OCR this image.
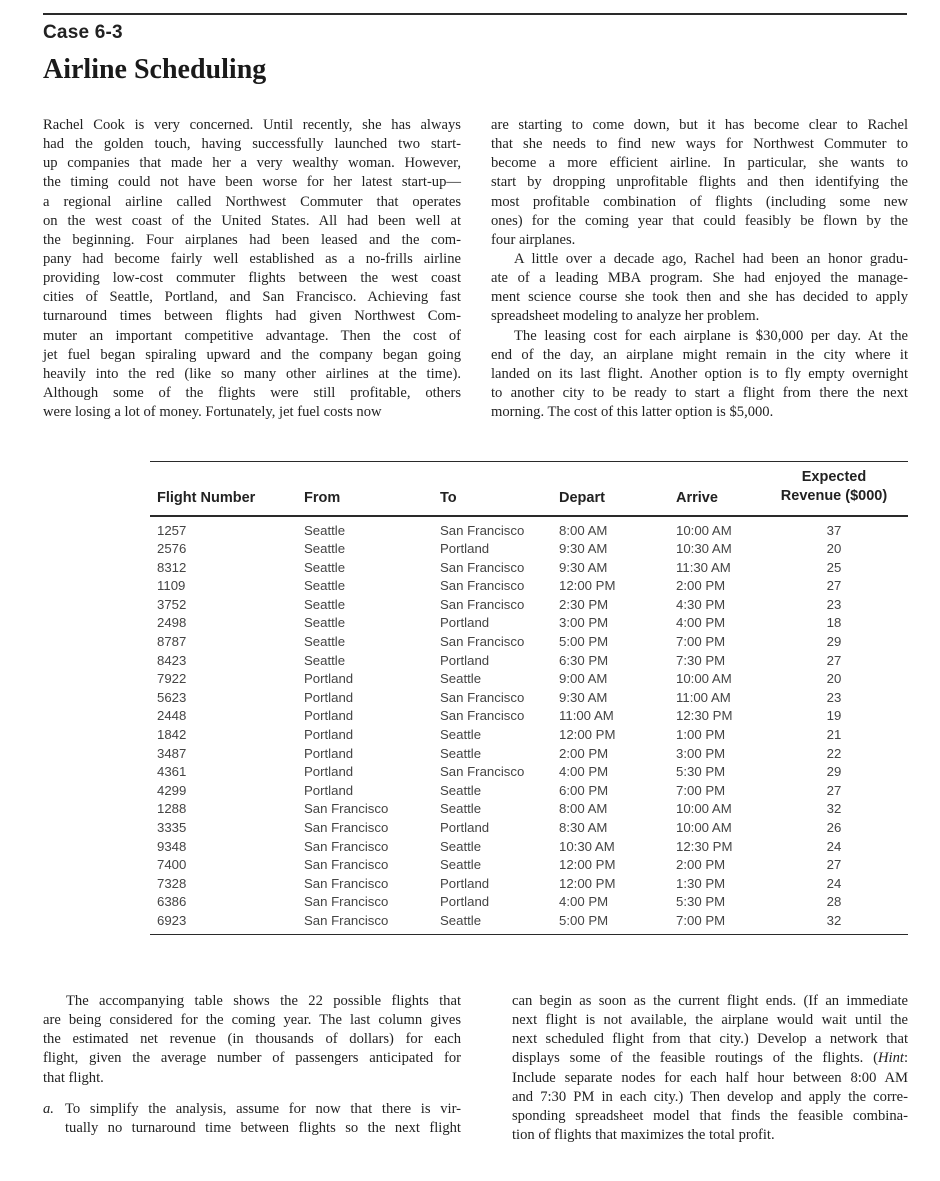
Case 6-3
Airline Scheduling
Rachel Cook is very concerned. Until recently, she has always
had the golden touch, having successfully launched two start-
up companies that made her a very wealthy woman. However,
the timing could not have been worse for her latest start-up—
a regional airline called Northwest Commuter that operates
on the west coast of the United States. All had been well at
the beginning. Four airplanes had been leased and the com-
pany had become fairly well established as a no-frills airline
providing low-cost commuter flights between the west coast
cities of Seattle, Portland, and San Francisco. Achieving fast
turnaround times between flights had given Northwest Com-
muter an important competitive advantage. Then the cost of
jet fuel began spiraling upward and the company began going
heavily into the red (like so many other airlines at the time).
Although some of the flights were still profitable, others
were losing a lot of money. Fortunately, jet fuel costs now
are starting to come down, but it has become clear to Rachel
that she needs to find new ways for Northwest Commuter to
become a more efficient airline. In particular, she wants to
start by dropping unprofitable flights and then identifying the
most profitable combination of flights (including some new
ones) for the coming year that could feasibly be flown by the
four airplanes.
A little over a decade ago, Rachel had been an honor gradu-
ate of a leading MBA program. She had enjoyed the manage-
ment science course she took then and she has decided to apply
spreadsheet modeling to analyze her problem.
The leasing cost for each airplane is $30,000 per day. At the
end of the day, an airplane might remain in the city where it
landed on its last flight. Another option is to fly empty overnight
to another city to be ready to start a flight from there the next
morning. The cost of this latter option is $5,000.
Flight Number	From	To	Depart	Arrive
Expected
Revenue ($000)
1257	Seattle	San Francisco	8:00 AM	10:00 AM	37
2576	Seattle	Portland	9:30 AM	10:30 AM	20
8312	Seattle	San Francisco	9:30 AM	11:30 AM	25
1109	Seattle	San Francisco	12:00 PM	2:00 PM	27
3752	Seattle	San Francisco	2:30 PM	4:30 PM	23
2498	Seattle	Portland	3:00 PM	4:00 PM	18
8787	Seattle	San Francisco	5:00 PM	7:00 PM	29
8423	Seattle	Portland	6:30 PM	7:30 PM	27
7922	Portland	Seattle	9:00 AM	10:00 AM	20
5623	Portland	San Francisco	9:30 AM	11:00 AM	23
2448	Portland	San Francisco	11:00 AM	12:30 PM	19
1842	Portland	Seattle	12:00 PM	1:00 PM	21
3487	Portland	Seattle	2:00 PM	3:00 PM	22
4361	Portland	San Francisco	4:00 PM	5:30 PM	29
4299	Portland	Seattle	6:00 PM	7:00 PM	27
1288	San Francisco	Seattle	8:00 AM	10:00 AM	32
3335	San Francisco	Portland	8:30 AM	10:00 AM	26
9348	San Francisco	Seattle	10:30 AM	12:30 PM	24
7400	San Francisco	Seattle	12:00 PM	2:00 PM	27
7328	San Francisco	Portland	12:00 PM	1:30 PM	24
6386	San Francisco	Portland	4:00 PM	5:30 PM	28
6923	San Francisco	Seattle	5:00 PM	7:00 PM	32
The accompanying table shows the 22 possible flights that
are being considered for the coming year. The last column gives
the estimated net revenue (in thousands of dollars) for each
flight, given the average number of passengers anticipated for
that flight.
a. To simplify the analysis, assume for now that there is vir-
tually no turnaround time between flights so the next flight
can begin as soon as the current flight ends. (If an immediate
next flight is not available, the airplane would wait until the
next scheduled flight from that city.) Develop a network that
displays some of the feasible routings of the flights. (Hint:
Include separate nodes for each half hour between 8:00 AM
and 7:30 PM in each city.) Then develop and apply the corre-
sponding spreadsheet model that finds the feasible combina-
tion of flights that maximizes the total profit.
